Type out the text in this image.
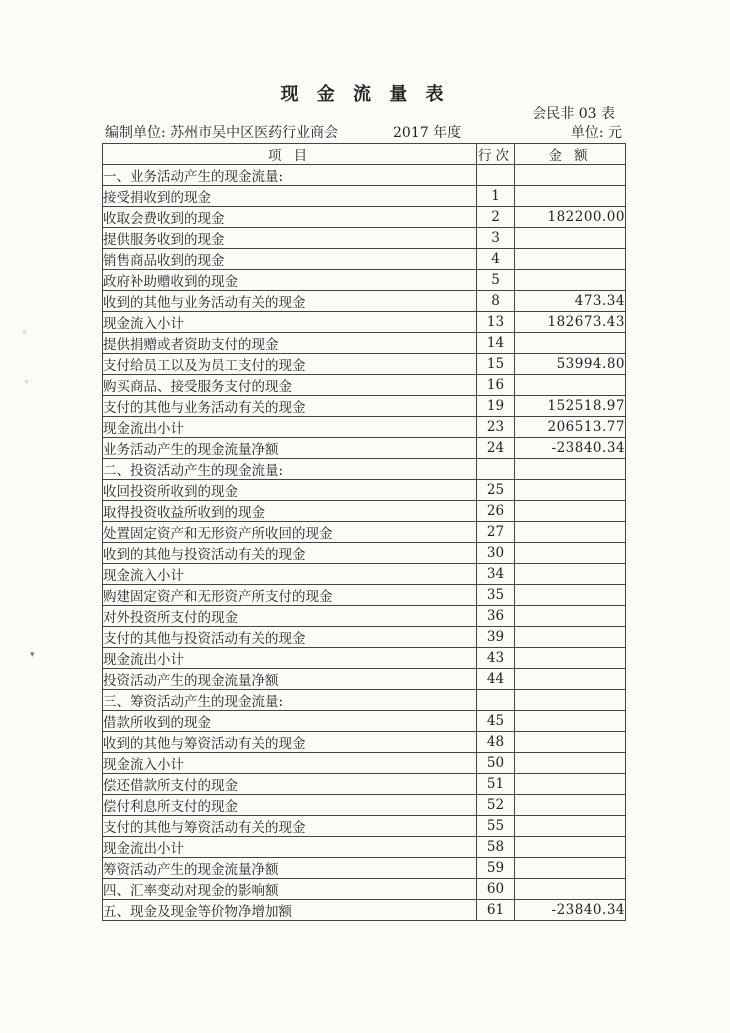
现 金 流 量 表
会民非 03 表
编制单位: 苏州市吴中区医药行业商会	2017 年度	单位: 元
项 目	行次	金 额
一、业务活动产生的现金流量:		
接受捐收到的现金	1	
收取会费收到的现金	2	182200.00
提供服务收到的现金	3	
销售商品收到的现金	4	
政府补助赠收到的现金	5	
收到的其他与业务活动有关的现金	8	473.34
现金流入小计	13	182673.43
提供捐赠或者资助支付的现金	14	
支付给员工以及为员工支付的现金	15	53994.80
购买商品、接受服务支付的现金	16	
支付的其他与业务活动有关的现金	19	152518.97
现金流出小计	23	206513.77
业务活动产生的现金流量净额	24	-23840.34
二、投资活动产生的现金流量:		
收回投资所收到的现金	25	
取得投资收益所收到的现金	26	
处置固定资产和无形资产所收回的现金	27	
收到的其他与投资活动有关的现金	30	
现金流入小计	34	
购建固定资产和无形资产所支付的现金	35	
对外投资所支付的现金	36	
支付的其他与投资活动有关的现金	39	
现金流出小计	43	
投资活动产生的现金流量净额	44	
三、筹资活动产生的现金流量:		
借款所收到的现金	45	
收到的其他与筹资活动有关的现金	48	
现金流入小计	50	
偿还借款所支付的现金	51	
偿付利息所支付的现金	52	
支付的其他与筹资活动有关的现金	55	
现金流出小计	58	
筹资活动产生的现金流量净额	59	
四、汇率变动对现金的影响额	60	
五、现金及现金等价物净增加额	61	-23840.34
◦
◦
▾
